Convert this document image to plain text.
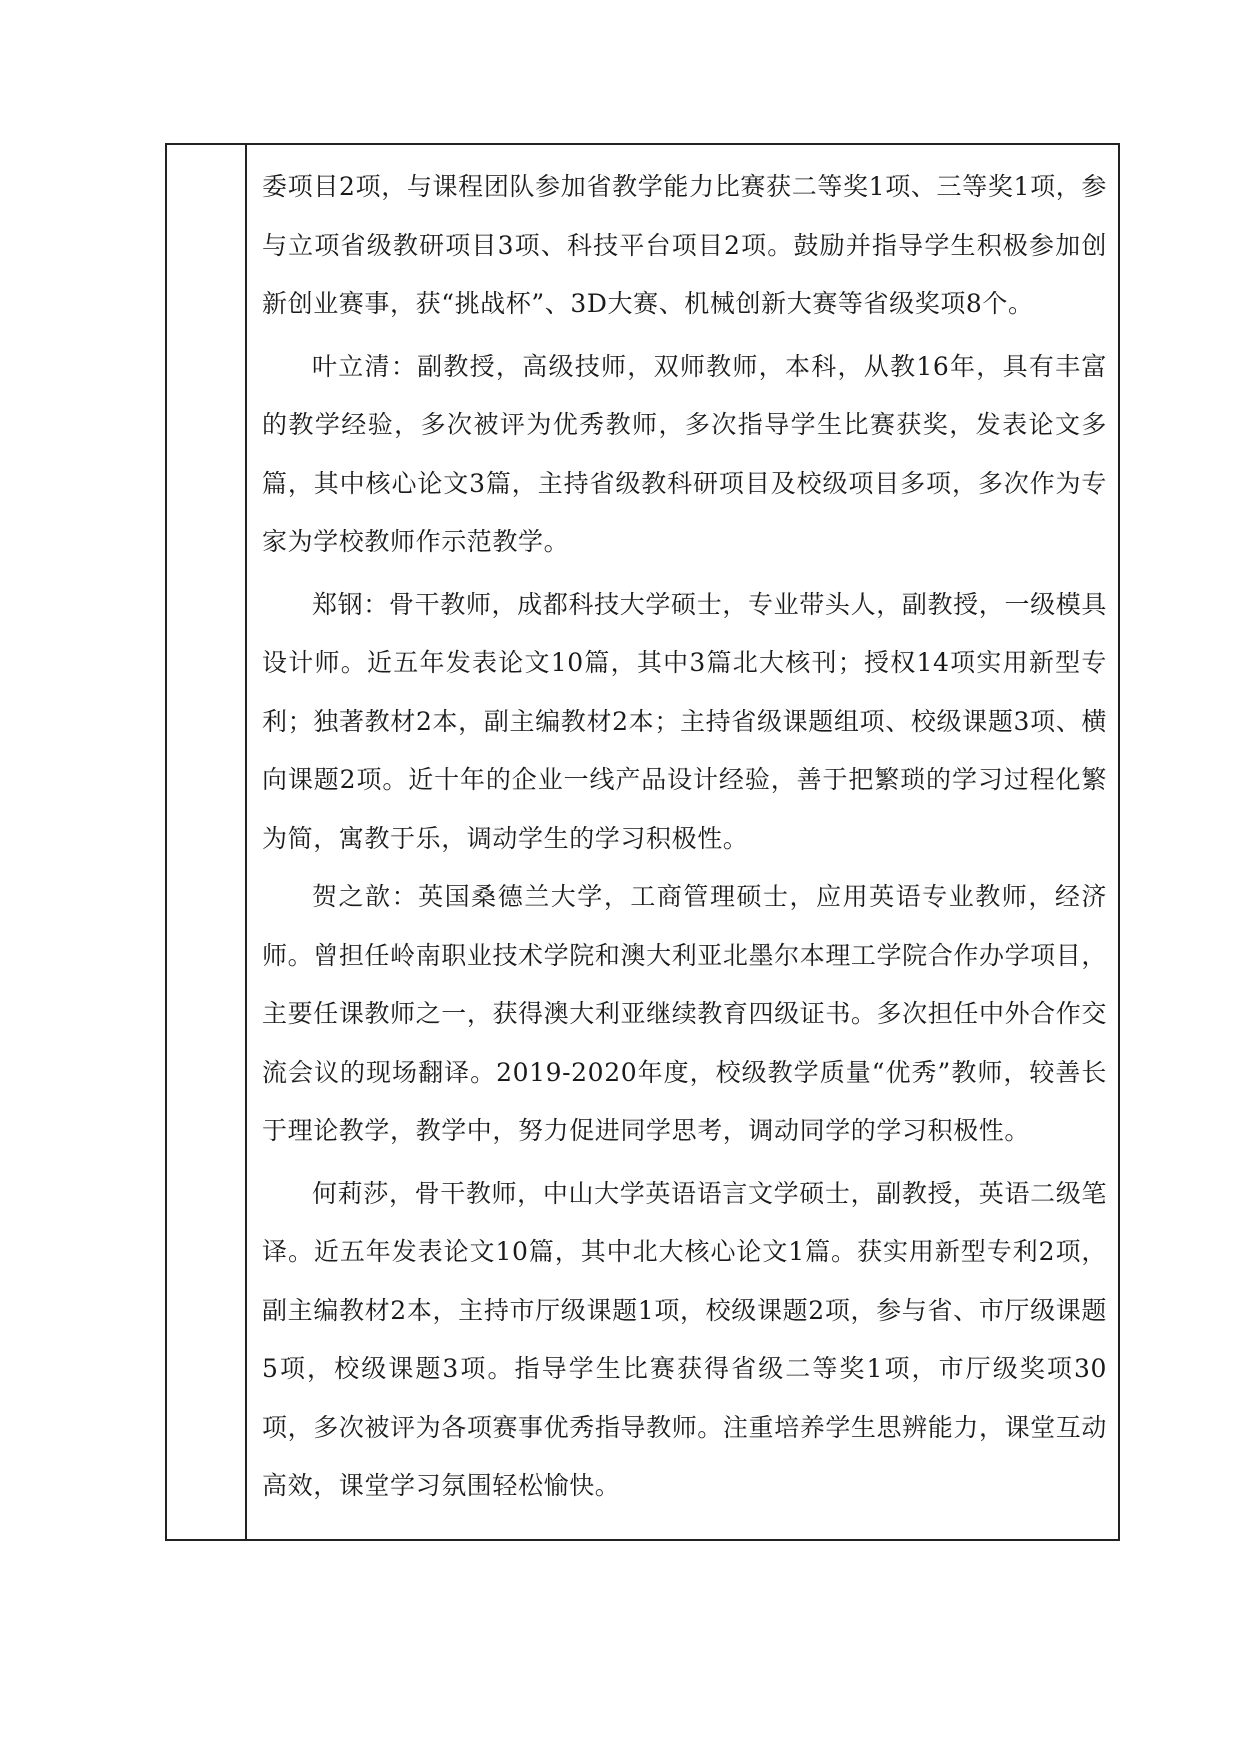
委项目2项，与课程团队参加省教学能力比赛获二等奖1项、三等奖1项，参与立项省级教研项目3项、科技平台项目2项。鼓励并指导学生积极参加创新创业赛事，获“挑战杯”、3D大赛、机械创新大赛等省级奖项8个。

叶立清：副教授，高级技师，双师教师，本科，从教16年，具有丰富的教学经验，多次被评为优秀教师，多次指导学生比赛获奖，发表论文多篇，其中核心论文3篇，主持省级教科研项目及校级项目多项，多次作为专家为学校教师作示范教学。

郑钢：骨干教师，成都科技大学硕士，专业带头人，副教授，一级模具设计师。近五年发表论文10篇，其中3篇北大核刊；授权14项实用新型专利；独著教材2本，副主编教材2本；主持省级课题组项、校级课题3项、横向课题2项。近十年的企业一线产品设计经验，善于把繁琐的学习过程化繁为简，寓教于乐，调动学生的学习积极性。

贺之歆：英国桑德兰大学，工商管理硕士，应用英语专业教师，经济师。曾担任岭南职业技术学院和澳大利亚北墨尔本理工学院合作办学项目，主要任课教师之一，获得澳大利亚继续教育四级证书。多次担任中外合作交流会议的现场翻译。2019-2020年度，校级教学质量“优秀”教师，较善长于理论教学，教学中，努力促进同学思考，调动同学的学习积极性。

何莉莎，骨干教师，中山大学英语语言文学硕士，副教授，英语二级笔译。近五年发表论文10篇，其中北大核心论文1篇。获实用新型专利2项，副主编教材2本，主持市厅级课题1项，校级课题2项，参与省、市厅级课题5项，校级课题3项。指导学生比赛获得省级二等奖1项，市厅级奖项30项，多次被评为各项赛事优秀指导教师。注重培养学生思辨能力，课堂互动高效，课堂学习氛围轻松愉快。
